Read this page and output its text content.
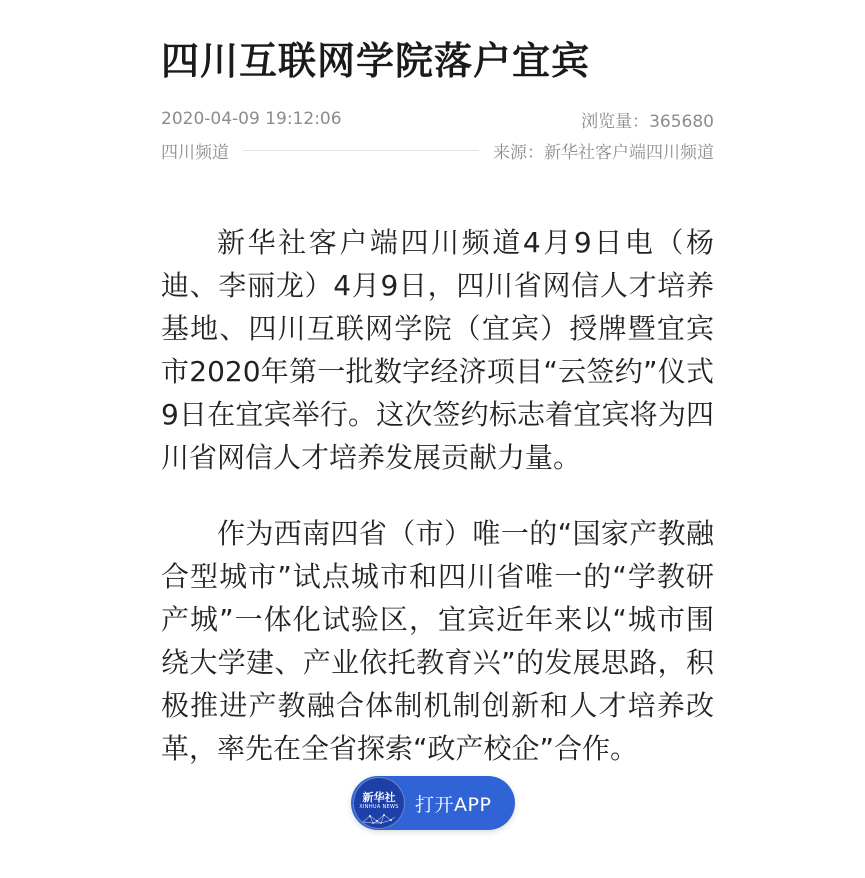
四川互联网学院落户宜宾
2020-04-09 19:12:06	浏览量：365680
四川频道	来源：新华社客户端四川频道

新华社客户端四川频道4月9日电（杨迪、李丽龙）4月9日，四川省网信人才培养基地、四川互联网学院（宜宾）授牌暨宜宾市2020年第一批数字经济项目“云签约”仪式9日在宜宾举行。这次签约标志着宜宾将为四川省网信人才培养发展贡献力量。

作为西南四省（市）唯一的“国家产教融合型城市”试点城市和四川省唯一的“学教研产城”一体化试验区，宜宾近年来以“城市围绕大学建、产业依托教育兴”的发展思路，积极推进产教融合体制机制创新和人才培养改革，率先在全省探索“政产校企”合作。

新华社
XINHUA NEWS 打开APP
